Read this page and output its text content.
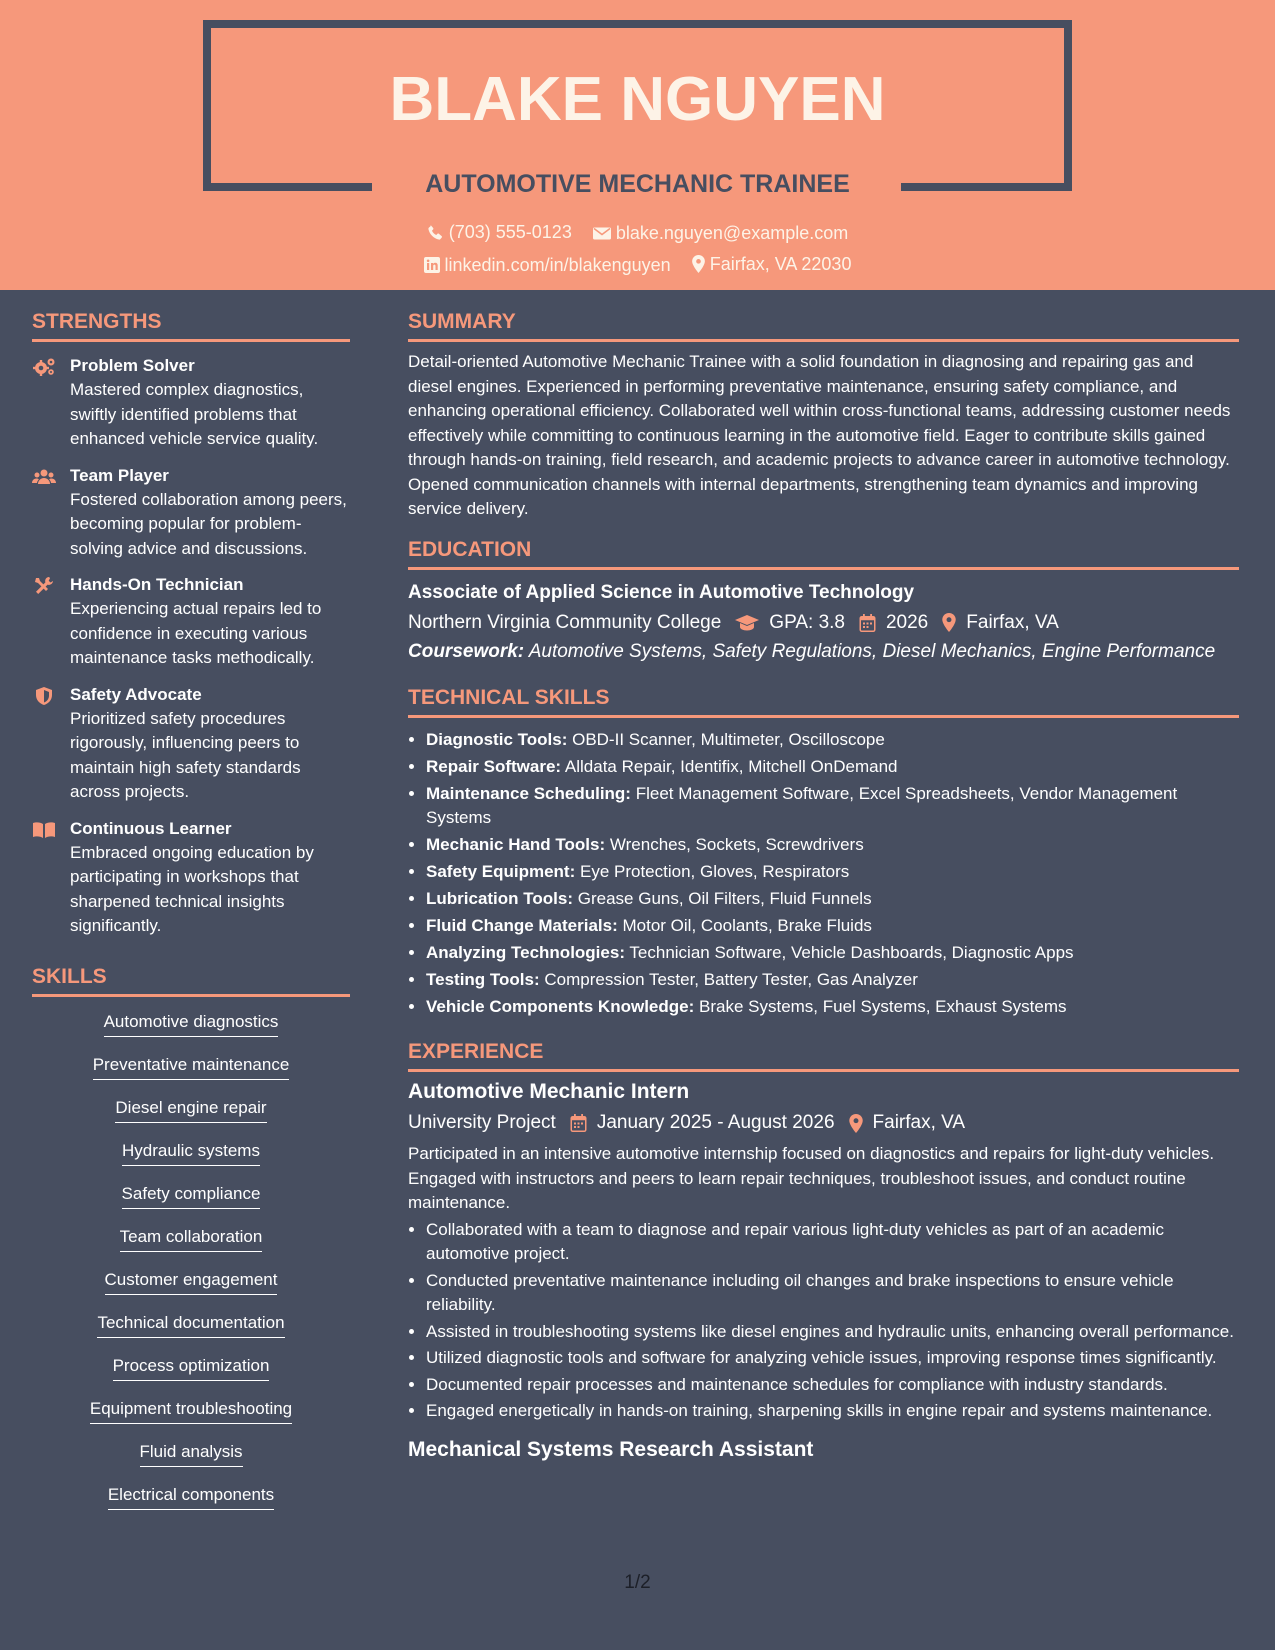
BLAKE NGUYEN
AUTOMOTIVE MECHANIC TRAINEE
(703) 555-0123
blake.nguyen@example.com
linkedin.com/in/blakenguyen
Fairfax, VA 22030
STRENGTHS
Problem Solver
Mastered complex diagnostics, swiftly identified problems that enhanced vehicle service quality.
Team Player
Fostered collaboration among peers, becoming popular for problem-solving advice and discussions.
Hands-On Technician
Experiencing actual repairs led to confidence in executing various maintenance tasks methodically.
Safety Advocate
Prioritized safety procedures rigorously, influencing peers to maintain high safety standards across projects.
Continuous Learner
Embraced ongoing education by participating in workshops that sharpened technical insights significantly.
SKILLS
Automotive diagnostics
Preventative maintenance
Diesel engine repair
Hydraulic systems
Safety compliance
Team collaboration
Customer engagement
Technical documentation
Process optimization
Equipment troubleshooting
Fluid analysis
Electrical components
SUMMARY

Detail-oriented Automotive Mechanic Trainee with a solid foundation in diagnosing and repairing gas and diesel engines. Experienced in performing preventative maintenance, ensuring safety compliance, and enhancing operational efficiency. Collaborated well within cross-functional teams, addressing customer needs effectively while committing to continuous learning in the automotive field. Eager to contribute skills gained through hands-on training, field research, and academic projects to advance career in automotive technology. Opened communication channels with internal departments, strengthening team dynamics and improving service delivery.

EDUCATION
Associate of Applied Science in Automotive Technology
Northern Virginia Community College	GPA: 3.8 2026 Fairfax, VA
Coursework: Automotive Systems, Safety Regulations, Diesel Mechanics, Engine Performance
TECHNICAL SKILLS
• Diagnostic Tools: OBD-II Scanner, Multimeter, Oscilloscope
• Repair Software: Alldata Repair, Identifix, Mitchell OnDemand
• Maintenance Scheduling: Fleet Management Software, Excel Spreadsheets, Vendor Management Systems
• Mechanic Hand Tools: Wrenches, Sockets, Screwdrivers
• Safety Equipment: Eye Protection, Gloves, Respirators
• Lubrication Tools: Grease Guns, Oil Filters, Fluid Funnels
• Fluid Change Materials: Motor Oil, Coolants, Brake Fluids
• Analyzing Technologies: Technician Software, Vehicle Dashboards, Diagnostic Apps
• Testing Tools: Compression Tester, Battery Tester, Gas Analyzer
• Vehicle Components Knowledge: Brake Systems, Fuel Systems, Exhaust Systems
EXPERIENCE
Automotive Mechanic Intern
University Project January 2025 - August 2026 Fairfax, VA

Participated in an intensive automotive internship focused on diagnostics and repairs for light-duty vehicles. Engaged with instructors and peers to learn repair techniques, troubleshoot issues, and conduct routine maintenance.

• Collaborated with a team to diagnose and repair various light-duty vehicles as part of an academic automotive project.
• Conducted preventative maintenance including oil changes and brake inspections to ensure vehicle reliability.
• Assisted in troubleshooting systems like diesel engines and hydraulic units, enhancing overall performance.
• Utilized diagnostic tools and software for analyzing vehicle issues, improving response times significantly.
• Documented repair processes and maintenance schedules for compliance with industry standards.
• Engaged energetically in hands-on training, sharpening skills in engine repair and systems maintenance.
Mechanical Systems Research Assistant
1/2
